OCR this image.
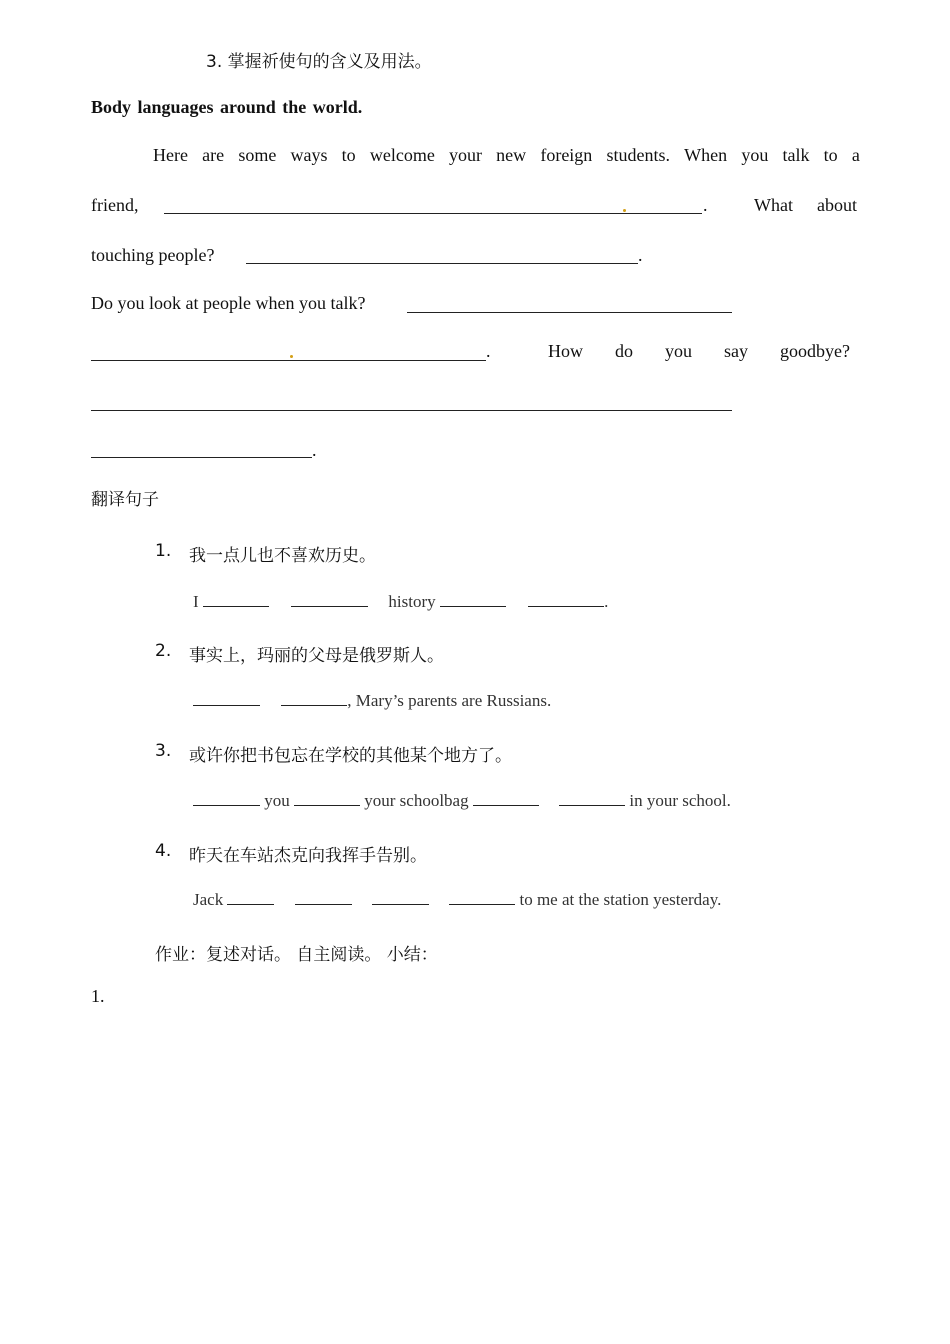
3. 掌握祈使句的含义及用法。
Body languages around the world.
Here are some ways to welcome your new foreign students. When you talk to a
friend,	.	What about
touching people?	.
Do you look at people when you talk?
.	How do you say goodbye?
.
翻译句子
1. 我一点儿也不喜欢历史。
I	history	.
2. 事实上，玛丽的父母是俄罗斯人。
, Mary’s parents are Russians.
3. 或许你把书包忘在学校的其他某个地方了。
you	your schoolbag	in your school.
4. 昨天在车站杰克向我挥手告别。
Jack	to me at the station yesterday.
作业：复述对话。 自主阅读。 小结：
1.
